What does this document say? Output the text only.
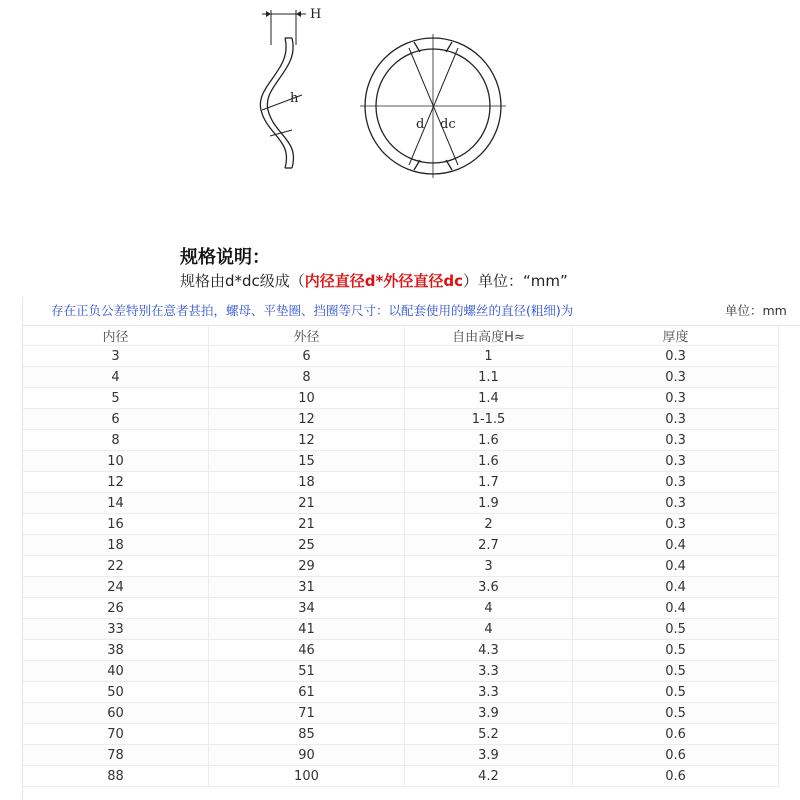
H
h
d dc
规格说明：
规格由d*dc级成（内径直径d*外径直径dc）单位：“mm”
存在正负公差特别在意者甚拍，螺母、平垫圈、挡圈等尺寸：以配套使用的螺丝的直径(粗细)为	单位：mm
内径	外径	自由高度H≈	厚度
3	6	1	0.3
4	8	1.1	0.3
5	10	1.4	0.3
6	12	1-1.5	0.3
8	12	1.6	0.3
10	15	1.6	0.3
12	18	1.7	0.3
14	21	1.9	0.3
16	21	2	0.3
18	25	2.7	0.4
22	29	3	0.4
24	31	3.6	0.4
26	34	4	0.4
33	41	4	0.5
38	46	4.3	0.5
40	51	3.3	0.5
50	61	3.3	0.5
60	71	3.9	0.5
70	85	5.2	0.6
78	90	3.9	0.6
88	100	4.2	0.6
